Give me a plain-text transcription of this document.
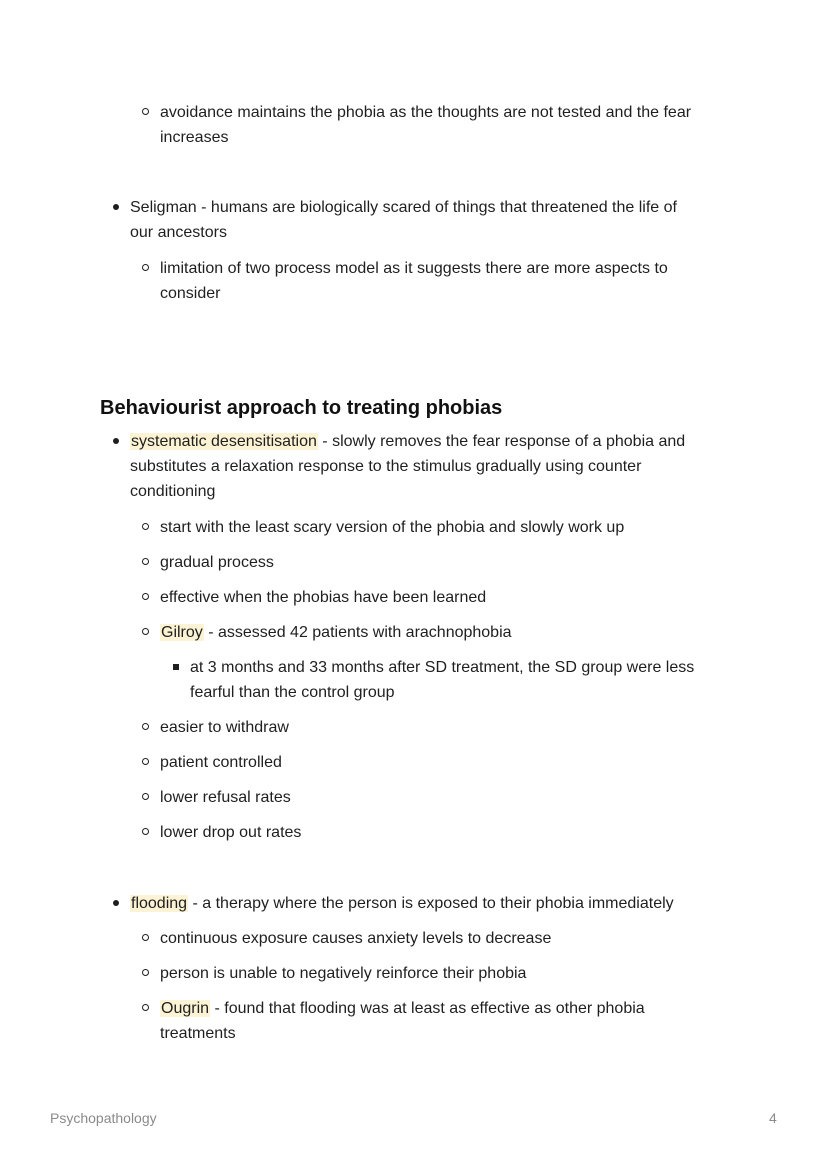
avoidance maintains the phobia as the thoughts are not tested and the fear

increases

Seligman - humans are biologically scared of things that threatened the life of

our ancestors

limitation of two process model as it suggests there are more aspects to

consider

Behaviourist approach to treating phobias

systematic desensitisation - slowly removes the fear response of a phobia and

substitutes a relaxation response to the stimulus gradually using counter

conditioning

start with the least scary version of the phobia and slowly work up

gradual process

effective when the phobias have been learned

Gilroy - assessed 42 patients with arachnophobia

at 3 months and 33 months after SD treatment, the SD group were less

fearful than the control group

easier to withdraw

patient controlled

lower refusal rates

lower drop out rates

flooding - a therapy where the person is exposed to their phobia immediately

continuous exposure causes anxiety levels to decrease

person is unable to negatively reinforce their phobia

Ougrin - found that flooding was at least as effective as other phobia

treatments

Psychopathology	4
